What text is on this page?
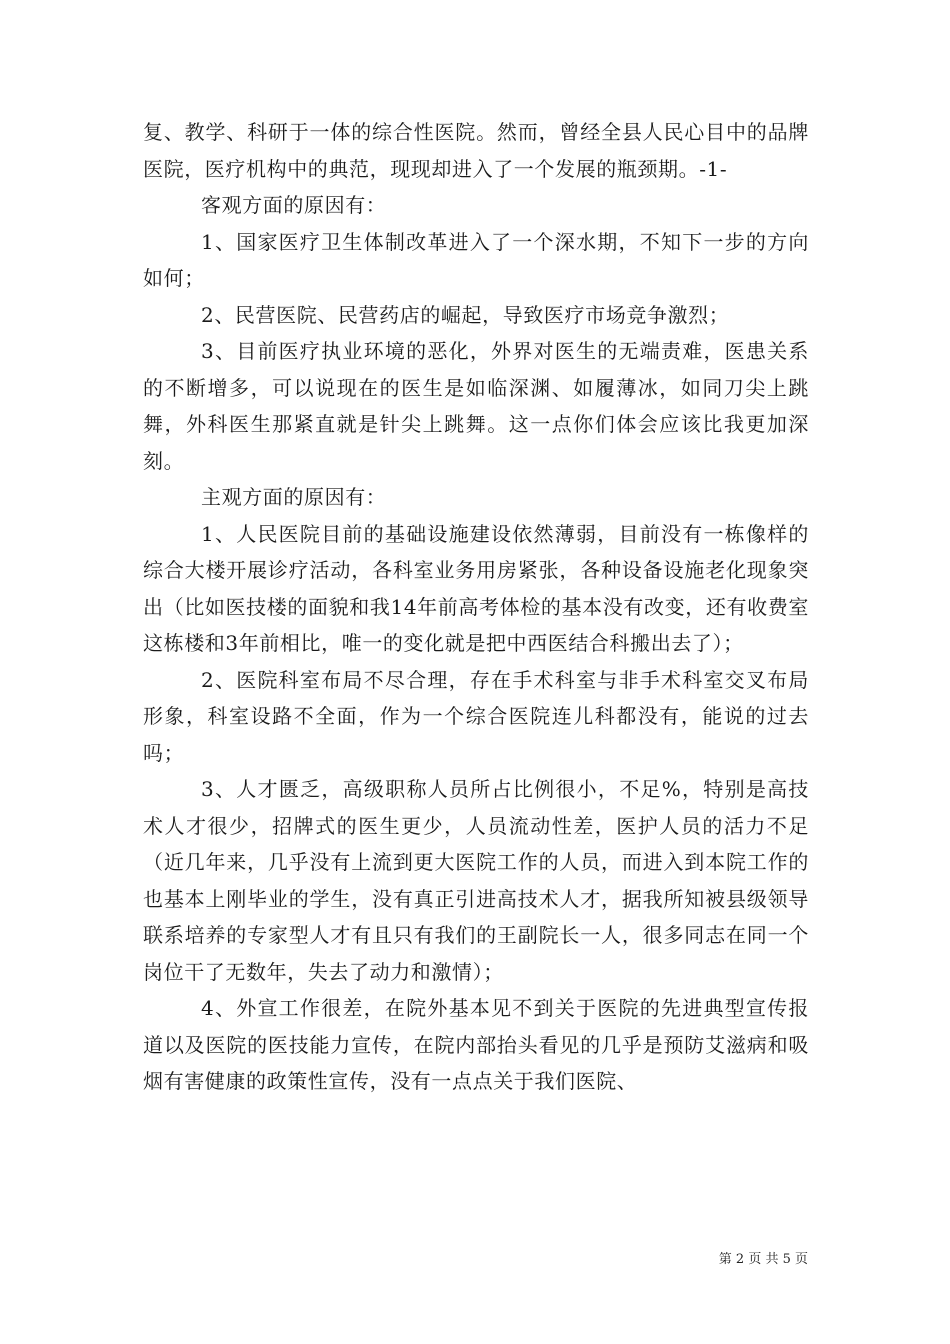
复、教学、科研于一体的综合性医院。然而，曾经全县人民心目中的品牌医院，医疗机构中的典范，现现却进入了一个发展的瓶颈期。-1-

客观方面的原因有：

1、国家医疗卫生体制改革进入了一个深水期，不知下一步的方向如何；

2、民营医院、民营药店的崛起，导致医疗市场竞争激烈；

3、目前医疗执业环境的恶化，外界对医生的无端责难，医患关系的不断增多，可以说现在的医生是如临深渊、如履薄冰，如同刀尖上跳舞，外科医生那紧直就是针尖上跳舞。这一点你们体会应该比我更加深刻。

主观方面的原因有：

1、人民医院目前的基础设施建设依然薄弱，目前没有一栋像样的综合大楼开展诊疗活动，各科室业务用房紧张，各种设备设施老化现象突出（比如医技楼的面貌和我14年前高考体检的基本没有改变，还有收费室这栋楼和3年前相比，唯一的变化就是把中西医结合科搬出去了）；

2、医院科室布局不尽合理，存在手术科室与非手术科室交叉布局形象，科室设路不全面，作为一个综合医院连儿科都没有，能说的过去吗；

3、人才匮乏，高级职称人员所占比例很小，不足%，特别是高技术人才很少，招牌式的医生更少，人员流动性差，医护人员的活力不足（近几年来，几乎没有上流到更大医院工作的人员，而进入到本院工作的也基本上刚毕业的学生，没有真正引进高技术人才，据我所知被县级领导联系培养的专家型人才有且只有我们的王副院长一人，很多同志在同一个岗位干了无数年，失去了动力和激情）；

4、外宣工作很差，在院外基本见不到关于医院的先进典型宣传报道以及医院的医技能力宣传，在院内部抬头看见的几乎是预防艾滋病和吸烟有害健康的政策性宣传，没有一点点关于我们医院、

第 2 页 共 5 页
